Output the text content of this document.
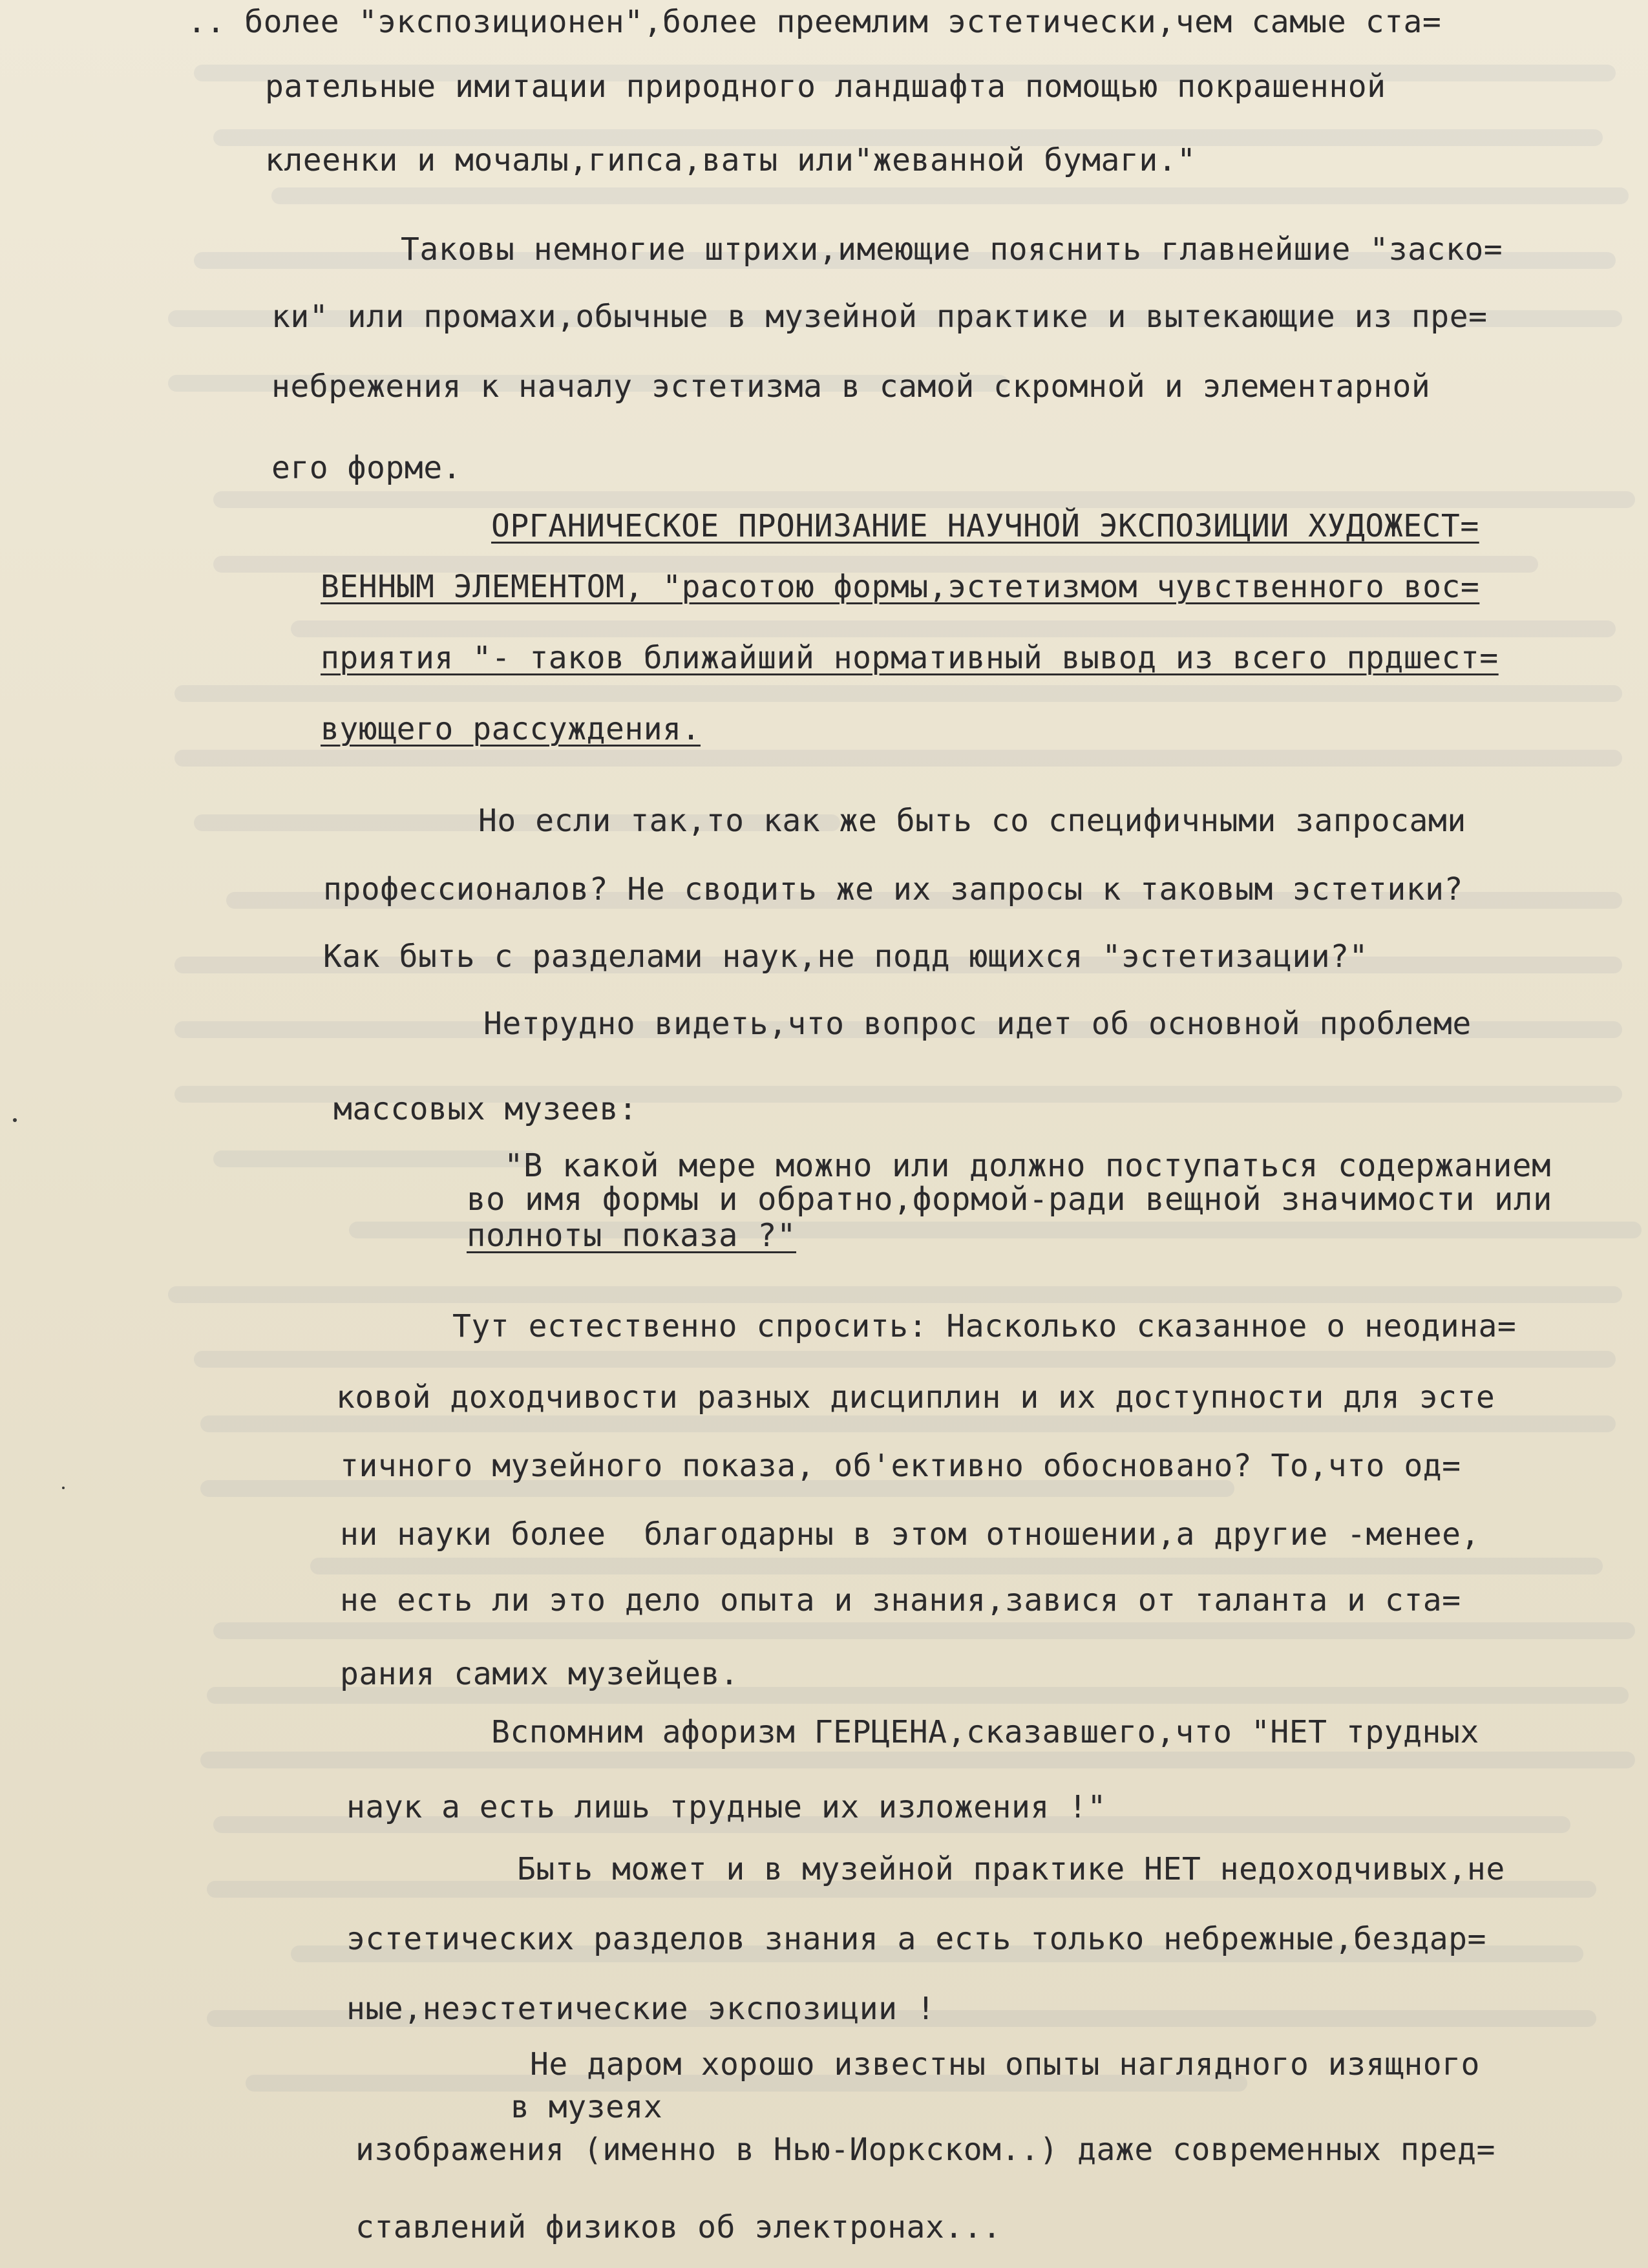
.. более "экспозиционен",более преемлим эстетически,чем самые ста=
рательные имитации природного ландшафта помощью покрашенной
клеенки и мочалы,гипса,ваты или"жеванной бумаги."
Таковы немногие штрихи,имеющие пояснить главнейшие "заско=
ки" или промахи,обычные в музейной практике и вытекающие из пре=
небрежения к началу эстетизма в самой скромной и элементарной
его форме.
ОРГАНИЧЕСКОЕ ПРОНИЗАНИЕ НАУЧНОЙ ЭКСПОЗИЦИИ ХУДОЖЕСТ=
ВЕННЫМ ЭЛЕМЕНТОМ, "расотою формы,эстетизмом чувственного вос=
приятия "- таков ближайший нормативный вывод из всего прдшест=
вующего рассуждения.
Но если так,то как же быть со специфичными запросами
профессионалов? Не сводить же их запросы к таковым эстетики?
Как быть с разделами наук,не подд ющихся "эстетизации?"
Нетрудно видеть,что вопрос идет об основной проблеме
массовых музеев:
"В какой мере можно или должно поступаться содержанием
во имя формы и обратно,формой-ради вещной значимости или
полноты показа ?"
Тут естественно спросить: Насколько сказанное о неодина=
ковой доходчивости разных дисциплин и их доступности для эсте
тичного музейного показа, об'ективно обосновано? То,что од=
ни науки более  благодарны в этом отношении,а другие -менее,
не есть ли это дело опыта и знания,завися от таланта и ста=
рания самих музейцев.
Вспомним афоризм ГЕРЦЕНА,сказавшего,что "НЕТ трудных
наук а есть лишь трудные их изложения !"
Быть может и в музейной практике НЕТ недоходчивых,не
эстетических разделов знания а есть только небрежные,бездар=
ные,неэстетические экспозиции !
Не даром хорошо известны опыты наглядного изящного
в музеях
изображения (именно в Нью-Иоркском..) даже современных пред=
ставлений физиков об электронах...
